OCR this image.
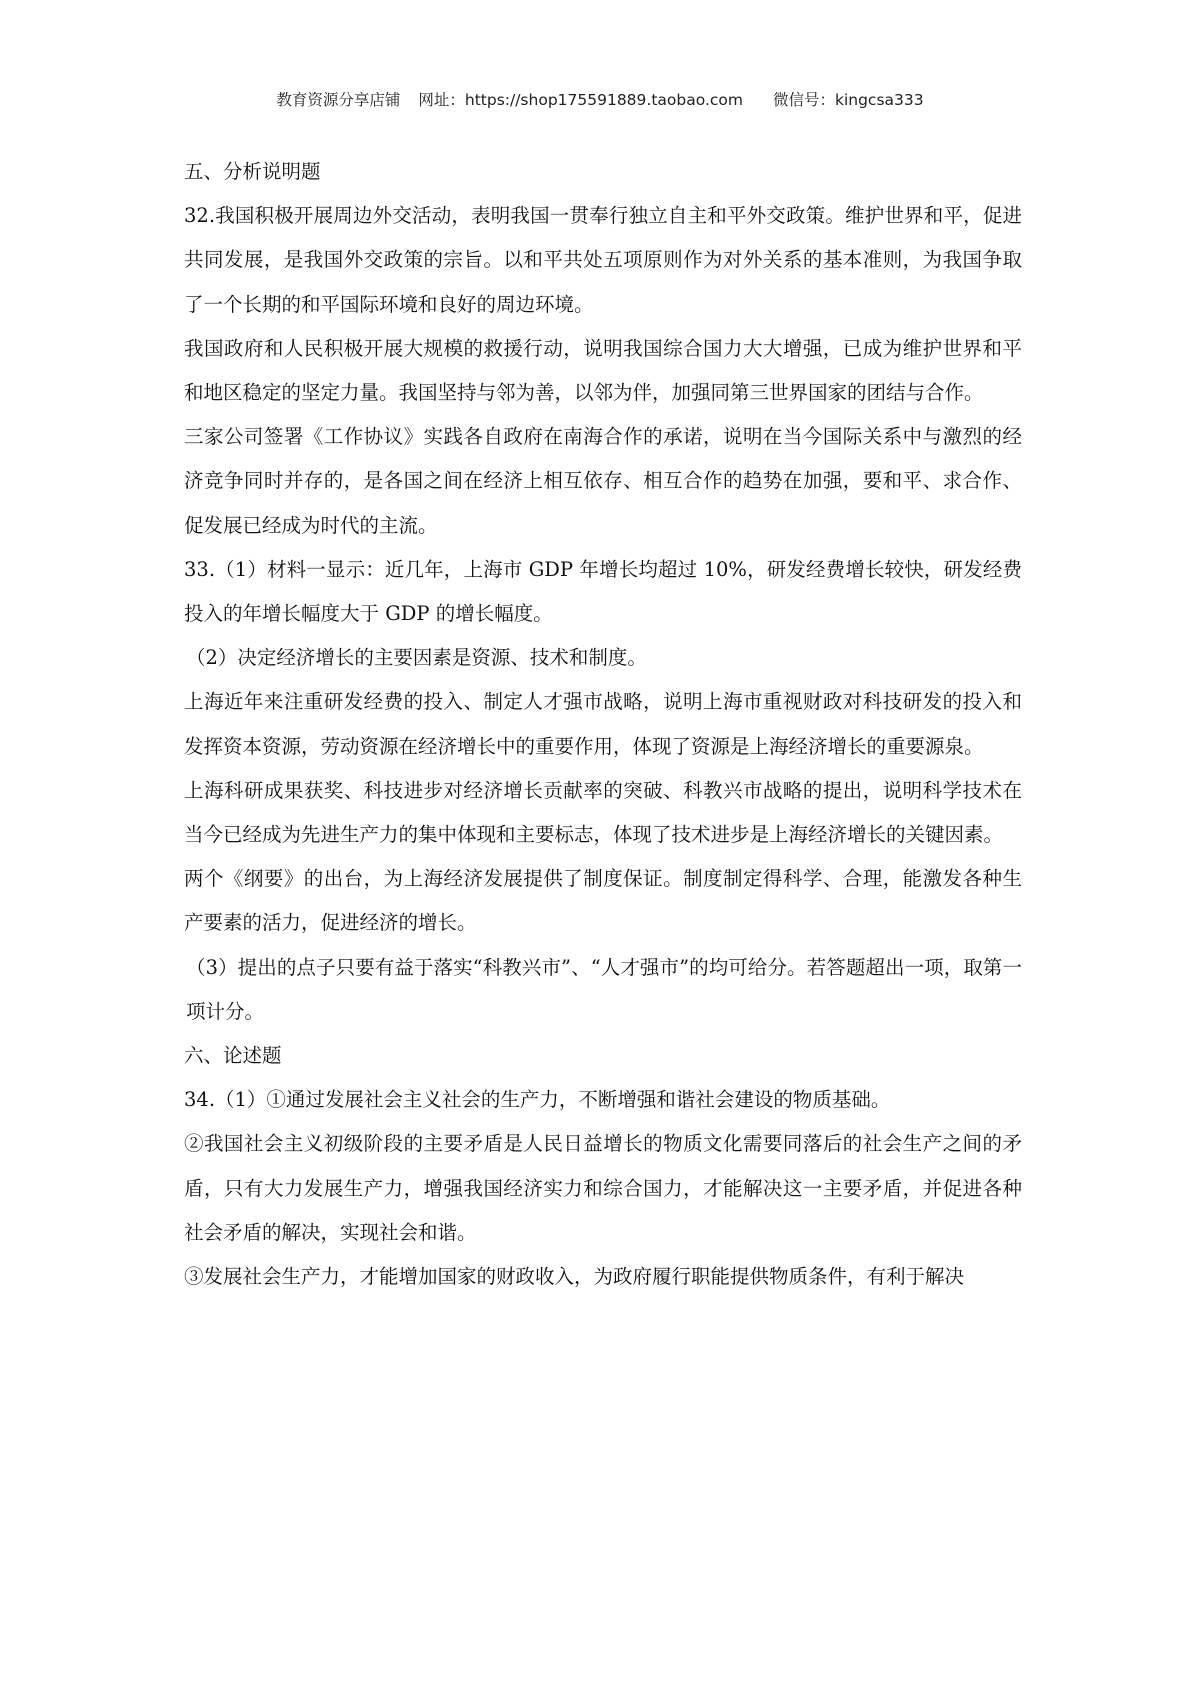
教育资源分享店铺 网址：https://shop175591889.taobao.com 微信号：kingcsa333

五、分析说明题

32.我国积极开展周边外交活动，表明我国一贯奉行独立自主和平外交政策。维护世界和平，促进共同发展，是我国外交政策的宗旨。以和平共处五项原则作为对外关系的基本准则，为我国争取了一个长期的和平国际环境和良好的周边环境。

我国政府和人民积极开展大规模的救援行动，说明我国综合国力大大增强，已成为维护世界和平和地区稳定的坚定力量。我国坚持与邻为善，以邻为伴，加强同第三世界国家的团结与合作。

三家公司签署《工作协议》实践各自政府在南海合作的承诺，说明在当今国际关系中与激烈的经济竞争同时并存的，是各国之间在经济上相互依存、相互合作的趋势在加强，要和平、求合作、促发展已经成为时代的主流。

33.（1）材料一显示：近几年，上海市 GDP 年增长均超过 10%，研发经费增长较快，研发经费投入的年增长幅度大于 GDP 的增长幅度。

（2）决定经济增长的主要因素是资源、技术和制度。

上海近年来注重研发经费的投入、制定人才强市战略，说明上海市重视财政对科技研发的投入和发挥资本资源，劳动资源在经济增长中的重要作用，体现了资源是上海经济增长的重要源泉。

上海科研成果获奖、科技进步对经济增长贡献率的突破、科教兴市战略的提出，说明科学技术在当今已经成为先进生产力的集中体现和主要标志，体现了技术进步是上海经济增长的关键因素。

两个《纲要》的出台，为上海经济发展提供了制度保证。制度制定得科学、合理，能激发各种生产要素的活力，促进经济的增长。

（3）提出的点子只要有益于落实“科教兴市”、“人才强市”的均可给分。若答题超出一项，取第一项计分。

六、论述题

34.（1）①通过发展社会主义社会的生产力，不断增强和谐社会建设的物质基础。

②我国社会主义初级阶段的主要矛盾是人民日益增长的物质文化需要同落后的社会生产之间的矛盾，只有大力发展生产力，增强我国经济实力和综合国力，才能解决这一主要矛盾，并促进各种社会矛盾的解决，实现社会和谐。

③发展社会生产力，才能增加国家的财政收入，为政府履行职能提供物质条件，有利于解决
